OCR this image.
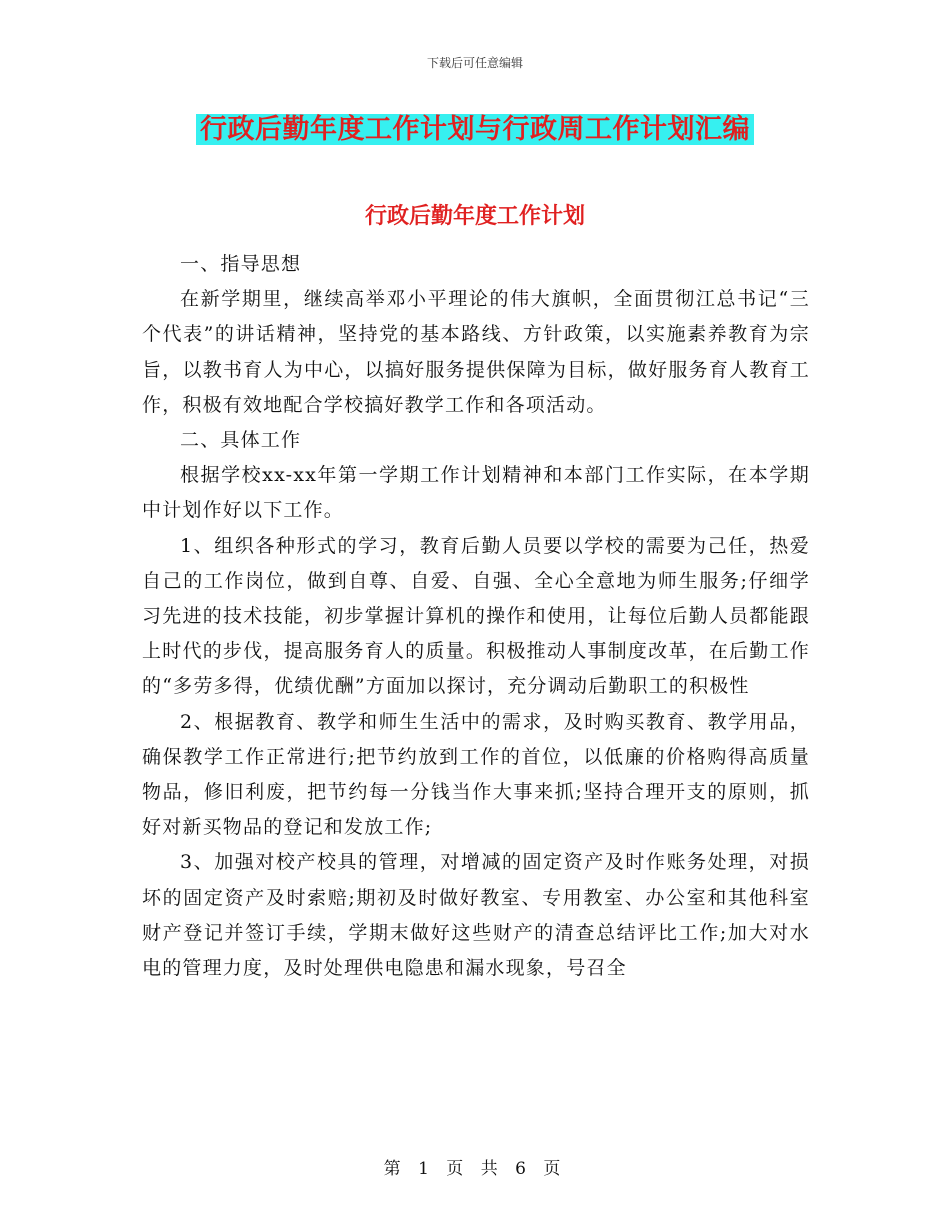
下载后可任意编辑
行政后勤年度工作计划与行政周工作计划汇编
行政后勤年度工作计划

一、指导思想

在新学期里，继续高举邓小平理论的伟大旗帜，全面贯彻江总书记“三个代表”的讲话精神，坚持党的基本路线、方针政策，以实施素养教育为宗旨，以教书育人为中心，以搞好服务提供保障为目标，做好服务育人教育工作，积极有效地配合学校搞好教学工作和各项活动。

二、具体工作

根据学校xx-xx年第一学期工作计划精神和本部门工作实际，在本学期中计划作好以下工作。

1、组织各种形式的学习，教育后勤人员要以学校的需要为己任，热爱自己的工作岗位，做到自尊、自爱、自强、全心全意地为师生服务;仔细学习先进的技术技能，初步掌握计算机的操作和使用，让每位后勤人员都能跟上时代的步伐，提高服务育人的质量。积极推动人事制度改革，在后勤工作的“多劳多得，优绩优酬”方面加以探讨，充分调动后勤职工的积极性

2、根据教育、教学和师生生活中的需求，及时购买教育、教学用品，确保教学工作正常进行;把节约放到工作的首位，以低廉的价格购得高质量物品，修旧利废，把节约每一分钱当作大事来抓;坚持合理开支的原则，抓好对新买物品的登记和发放工作;

3、加强对校产校具的管理，对增减的固定资产及时作账务处理，对损坏的固定资产及时索赔;期初及时做好教室、专用教室、办公室和其他科室财产登记并签订手续，学期末做好这些财产的清查总结评比工作;加大对水电的管理力度，及时处理供电隐患和漏水现象，号召全

第 1 页 共 6 页
